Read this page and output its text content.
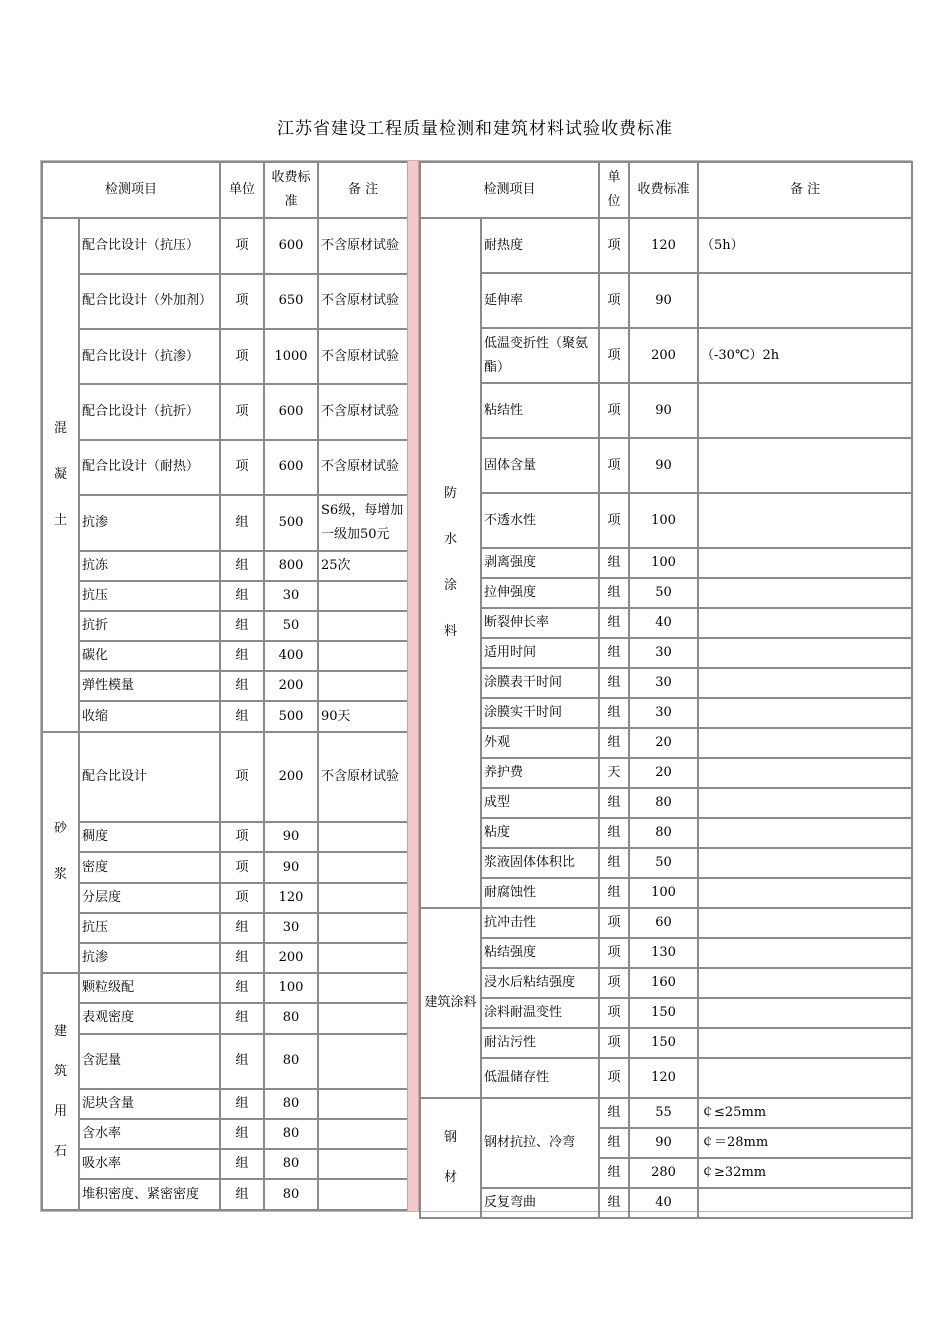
江苏省建设工程质量检测和建筑材料试验收费标准
检测项目		单位	收费标准	备 注
混
凝
土	配合比设计（抗压）	项	600	不含原材试验
	配合比设计（外加剂）	项	650	不含原材试验
	配合比设计（抗渗）	项	1000	不含原材试验
	配合比设计（抗折）	项	600	不含原材试验
	配合比设计（耐热）	项	600	不含原材试验
	抗渗	组	500	S6级，每增加一级加50元
	抗冻	组	800	25次
	抗压	组	30	
	抗折	组	50	
	碳化	组	400	
	弹性模量	组	200	
	收缩	组	500	90天
砂
浆	配合比设计	项	200	不含原材试验
	稠度	项	90	
	密度	项	90	
	分层度	项	120	
	抗压	组	30	
	抗渗	组	200	
建
筑
用
石	颗粒级配	组	100	
	表观密度	组	80	
	含泥量	组	80	
	泥块含量	组	80	
	含水率	组	80	
	吸水率	组	80	
	堆积密度、紧密密度	组	80	
检测项目		单位	收费标准	备 注
防
水
涂
料	耐热度	项	120	（5h）
	延伸率	项	90	
	低温变折性（聚氨酯）	项	200	（-30℃）2h
	粘结性	项	90	
	固体含量	项	90	
	不透水性	项	100	
	剥离强度	组	100	
	拉伸强度	组	50	
	断裂伸长率	组	40	
	适用时间	组	30	
	涂膜表干时间	组	30	
	涂膜实干时间	组	30	
	外观	组	20	
	养护费	天	20	
	成型	组	80	
	粘度	组	80	
	浆液固体体积比	组	50	
	耐腐蚀性	组	100	
建筑涂料	抗冲击性	项	60	
	粘结强度	项	130	
	浸水后粘结强度	项	160	
	涂料耐温变性	项	150	
	耐沾污性	项	150	
	低温储存性	项	120	
钢
材	钢材抗拉、冷弯	组	55	￠≤25mm
		组	90	￠＝28mm
		组	280	￠≥32mm
	反复弯曲	组	40	
